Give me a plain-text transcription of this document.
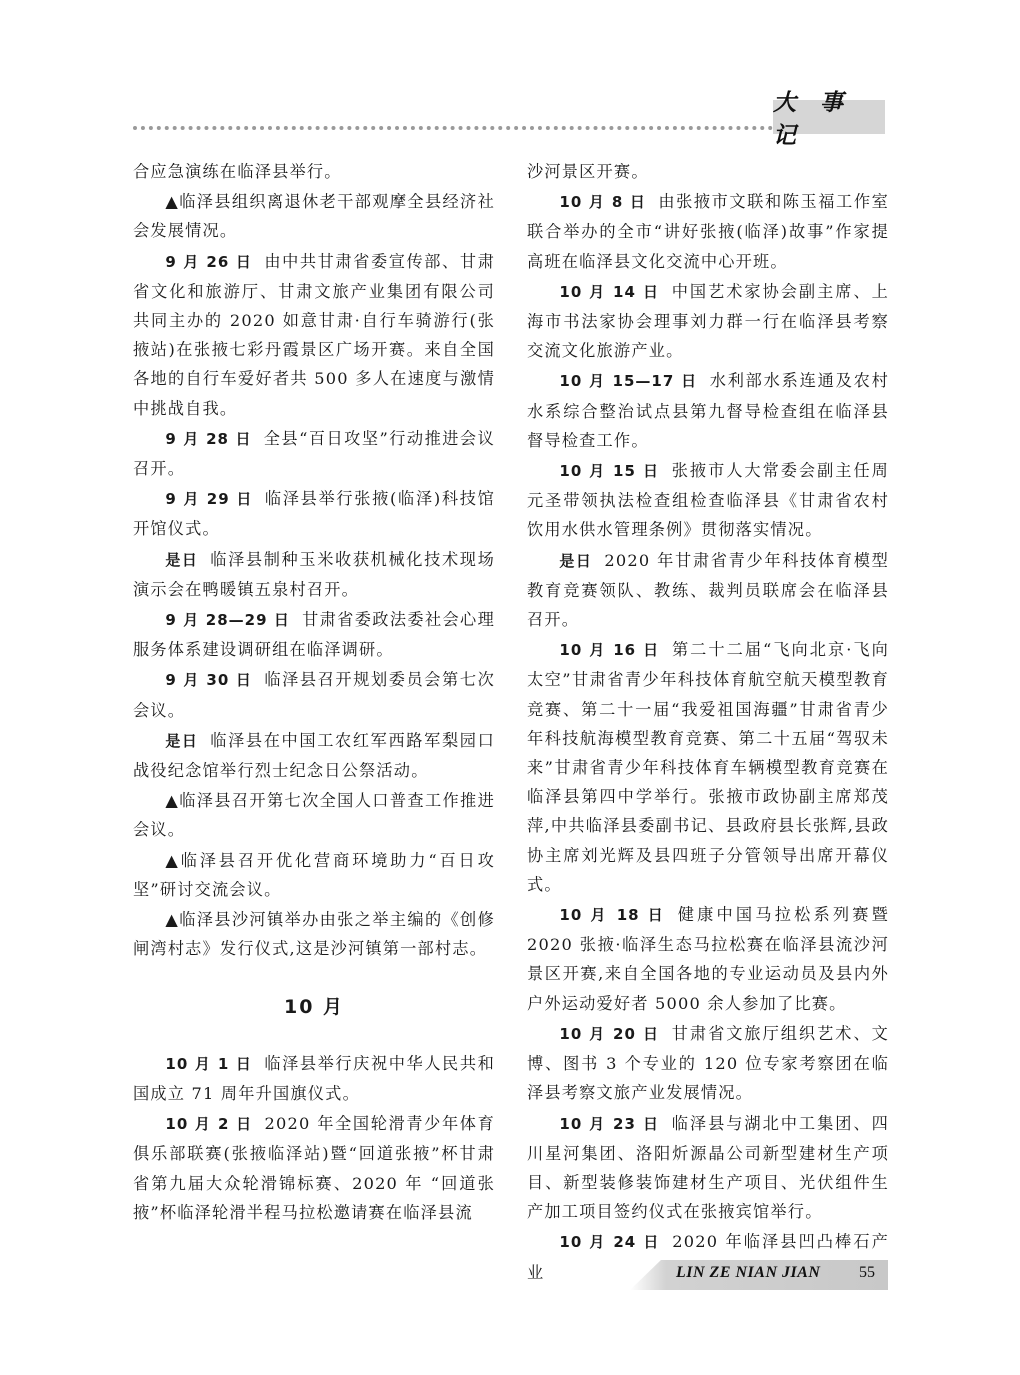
大 事 记

合应急演练在临泽县举行。

▲临泽县组织离退休老干部观摩全县经济社会发展情况。

9 月 26 日 由中共甘肃省委宣传部、甘肃省文化和旅游厅、甘肃文旅产业集团有限公司共同主办的 2020 如意甘肃·自行车骑游行(张掖站)在张掖七彩丹霞景区广场开赛。来自全国各地的自行车爱好者共 500 多人在速度与激情中挑战自我。

9 月 28 日 全县“百日攻坚”行动推进会议召开。

9 月 29 日 临泽县举行张掖(临泽)科技馆开馆仪式。

是日 临泽县制种玉米收获机械化技术现场演示会在鸭暖镇五泉村召开。

9 月 28—29 日 甘肃省委政法委社会心理服务体系建设调研组在临泽调研。

9 月 30 日 临泽县召开规划委员会第七次会议。

是日 临泽县在中国工农红军西路军梨园口战役纪念馆举行烈士纪念日公祭活动。

▲临泽县召开第七次全国人口普查工作推进会议。

▲临泽县召开优化营商环境助力“百日攻坚”研讨交流会议。

▲临泽县沙河镇举办由张之举主编的《创修闸湾村志》发行仪式,这是沙河镇第一部村志。

10 月

10 月 1 日 临泽县举行庆祝中华人民共和国成立 71 周年升国旗仪式。

10 月 2 日 2020 年全国轮滑青少年体育俱乐部联赛(张掖临泽站)暨“回道张掖”杯甘肃省第九届大众轮滑锦标赛、2020 年 “回道张掖”杯临泽轮滑半程马拉松邀请赛在临泽县流

沙河景区开赛。

10 月 8 日 由张掖市文联和陈玉福工作室联合举办的全市“讲好张掖(临泽)故事”作家提高班在临泽县文化交流中心开班。

10 月 14 日 中国艺术家协会副主席、上海市书法家协会理事刘力群一行在临泽县考察交流文化旅游产业。

10 月 15—17 日 水利部水系连通及农村水系综合整治试点县第九督导检查组在临泽县督导检查工作。

10 月 15 日 张掖市人大常委会副主任周元圣带领执法检查组检查临泽县《甘肃省农村饮用水供水管理条例》贯彻落实情况。

是日 2020 年甘肃省青少年科技体育模型教育竞赛领队、教练、裁判员联席会在临泽县召开。

10 月 16 日 第二十二届“飞向北京·飞向太空”甘肃省青少年科技体育航空航天模型教育竞赛、第二十一届“我爱祖国海疆”甘肃省青少年科技航海模型教育竞赛、第二十五届“驾驭未来”甘肃省青少年科技体育车辆模型教育竞赛在临泽县第四中学举行。张掖市政协副主席郑茂萍,中共临泽县委副书记、县政府县长张辉,县政协主席刘光辉及县四班子分管领导出席开幕仪式。

10 月 18 日 健康中国马拉松系列赛暨 2020 张掖·临泽生态马拉松赛在临泽县流沙河景区开赛,来自全国各地的专业运动员及县内外户外运动爱好者 5000 余人参加了比赛。

10 月 20 日 甘肃省文旅厅组织艺术、文博、图书 3 个专业的 120 位专家考察团在临泽县考察文旅产业发展情况。

10 月 23 日 临泽县与湖北中工集团、四川星河集团、洛阳炘源晶公司新型建材生产项目、新型装修装饰建材生产项目、光伏组件生产加工项目签约仪式在张掖宾馆举行。

10 月 24 日 2020 年临泽县凹凸棒石产业	LIN ZE NIAN JIAN 55
